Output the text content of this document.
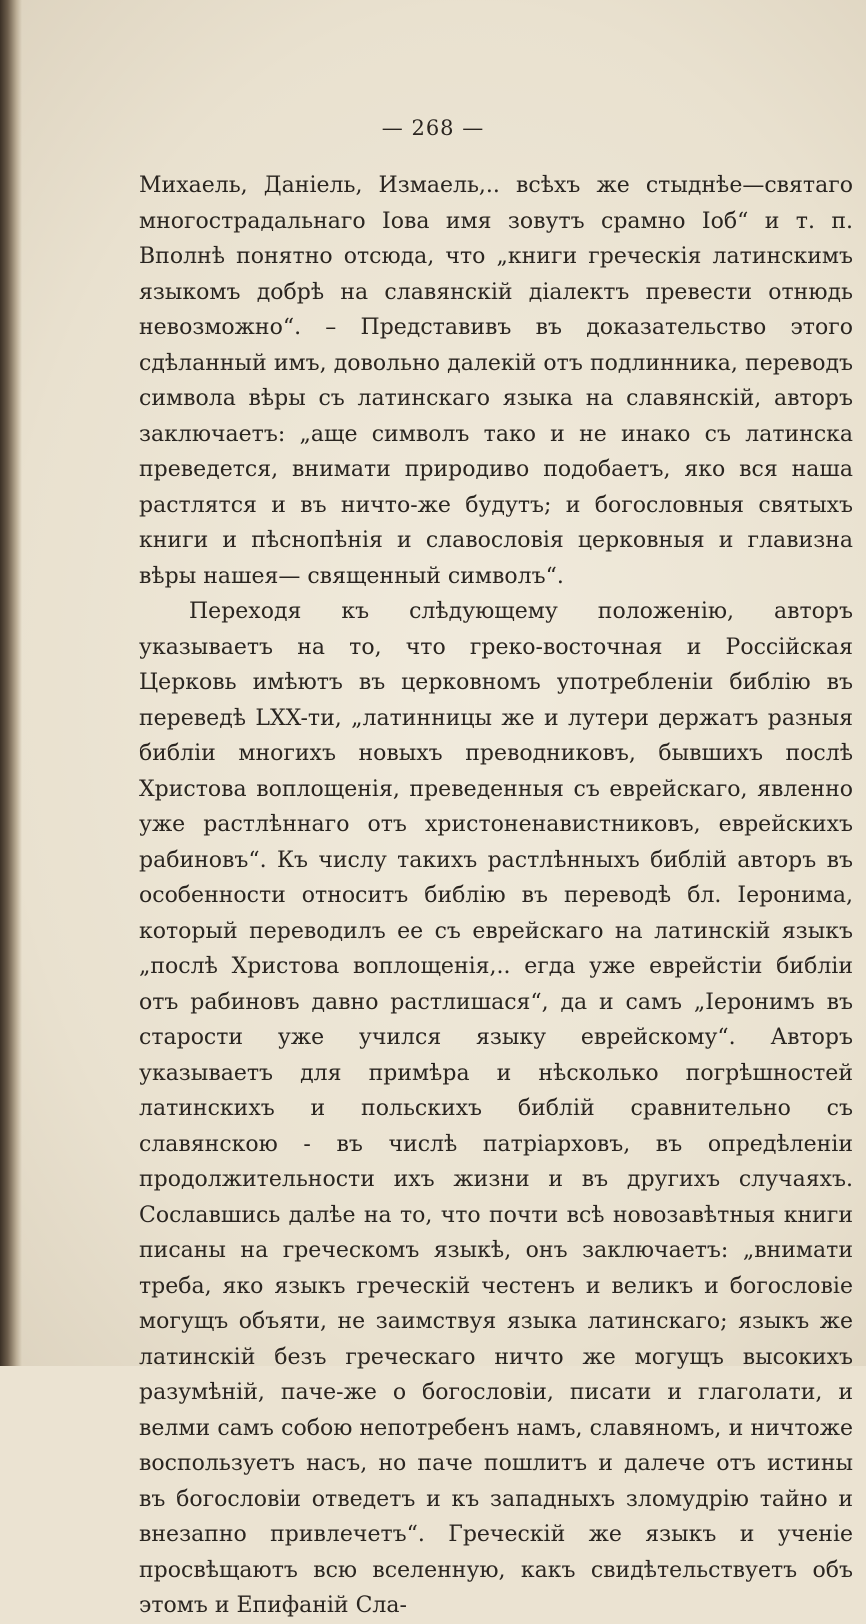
— 268 —

Михаель, Даніель, Измаель,.. всѣхъ же стыднѣе—святаго многострадальнаго Іова имя зовутъ срамно Іоб“ и т. п. Вполнѣ понятно отсюда, что „книги греческія латинскимъ языкомъ добрѣ на славянскій діалектъ превести отнюдь невозможно“. – Представивъ въ доказательство этого сдѣланный имъ, довольно далекій отъ подлинника, переводъ символа вѣры съ латинскаго языка на славянскій, авторъ заключаетъ: „аще символъ тако и не инако съ латинска преведется, внимати природиво подобаетъ, яко вся наша растлятся и въ ничто-же будутъ; и богословныя святыхъ книги и пѣснопѣнія и славословія церковныя и главизна вѣры нашея— священный символъ“.

Переходя къ слѣдующему положенію, авторъ указываетъ на то, что греко-восточная и Россійская Церковь имѣютъ въ церковномъ употребленіи библію въ переведѣ LXX-ти, „латинницы же и лутери держатъ разныя библіи многихъ новыхъ преводниковъ, бывшихъ послѣ Христова воплощенія, преведенныя съ еврейскаго, явленно уже растлѣннаго отъ христоненавистниковъ, еврейскихъ рабиновъ“. Къ числу такихъ растлѣнныхъ библій авторъ въ особенности относитъ библію въ переводѣ бл. Іеронима, который переводилъ ее съ еврейскаго на латинскій языкъ „послѣ Христова воплощенія,.. егда уже еврейстіи библіи отъ рабиновъ давно растлишася“, да и самъ „Іеронимъ въ старости уже учился языку еврейскому“. Авторъ указываетъ для примѣра и нѣсколько погрѣшностей латинскихъ и польскихъ библій сравнительно съ славянскою - въ числѣ патріарховъ, въ опредѣленіи продолжительности ихъ жизни и въ другихъ случаяхъ. Сославшись далѣе на то, что почти всѣ новозавѣтныя книги писаны на греческомъ языкѣ, онъ заключаетъ: „внимати треба, яко языкъ греческій честенъ и великъ и богословіе могущъ объяти, не заимствуя языка латинскаго; языкъ же латинскій безъ греческаго ничто же могущъ высокихъ разумѣній, паче-же о богословіи, писати и глаголати, и велми самъ собою непотребенъ намъ, славяномъ, и ничтоже воспользуетъ насъ, но паче пошлитъ и далече отъ истины въ богословіи отведетъ и къ западныхъ зломудрію тайно и внезапно привлечетъ“. Греческій же языкъ и ученіе просвѣщаютъ всю вселенную, какъ свидѣтельствуетъ объ этомъ и Епифаній Сла-
